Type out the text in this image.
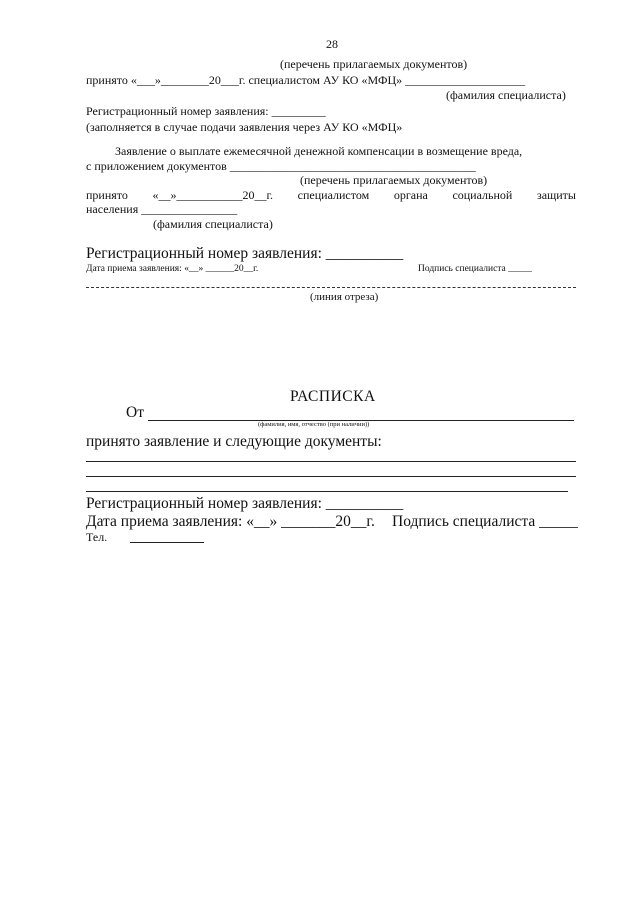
28
(перечень прилагаемых документов)
принято «___»________20___г. специалистом АУ КО «МФЦ» ____________________
(фамилия специалиста)
Регистрационный номер заявления: _________
(заполняется в случае подачи заявления через АУ КО «МФЦ»
Заявление о выплате ежемесячной денежной компенсации в возмещение вреда,
с приложением документов _________________________________________
(перечень прилагаемых документов)
принято «__»___________20__г. специалистом органа социальной защиты
населения ________________
(фамилия специалиста)
Регистрационный номер заявления: __________
Дата приема заявления: «__» ______20__г.	Подпись специалиста _____
(линия отреза)
РАСПИСКА
От
(фамилия, имя, отчество (при наличии))
принято заявление и следующие документы:
Регистрационный номер заявления: __________
Дата приема заявления: «__» _______20__г. Подпись специалиста _____
Тел.
